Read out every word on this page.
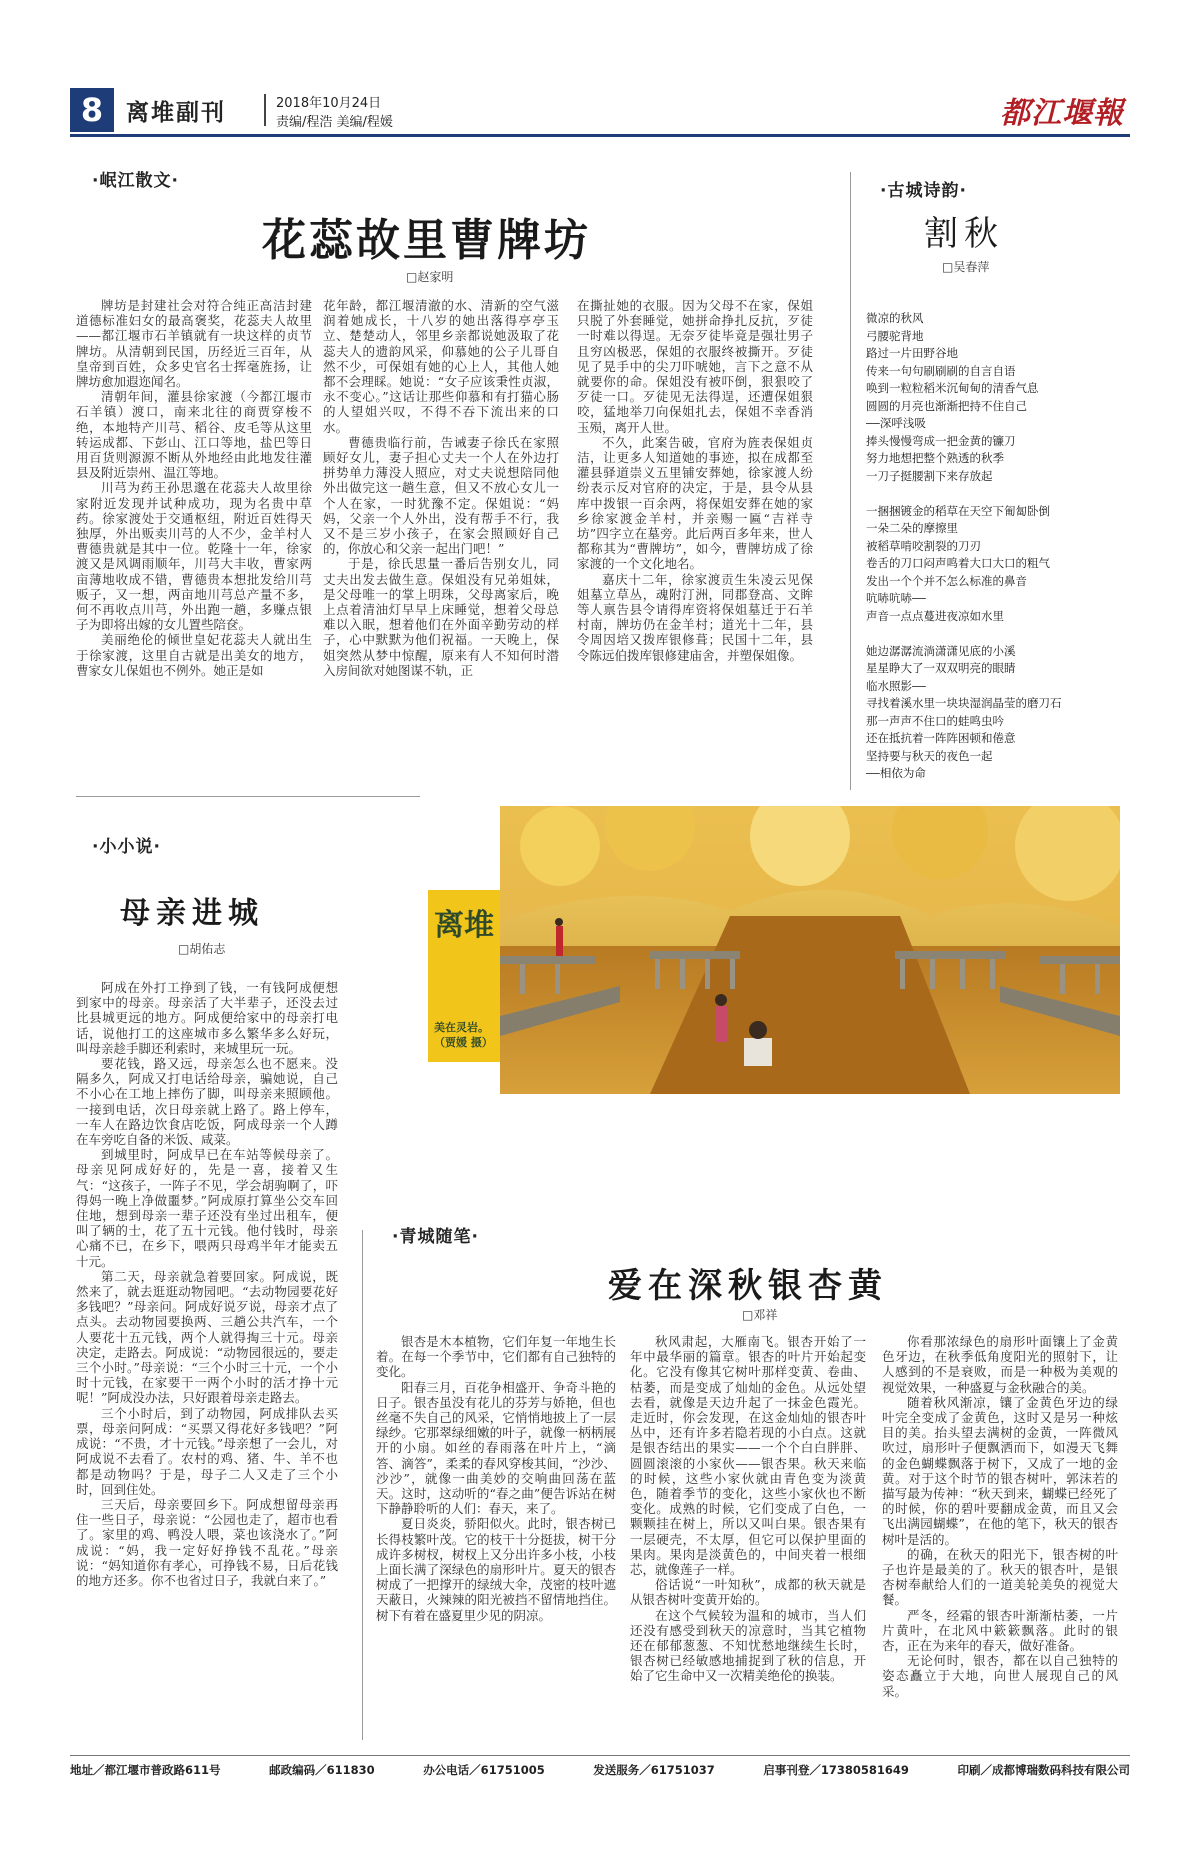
8 离堆副刊	2018年10月24日
责编/程浩 美编/程媛	都江堰報
·岷江散文·
花蕊故里曹牌坊
□赵家明

牌坊是封建社会对符合纯正高洁封建道德标准妇女的最高褒奖，花蕊夫人故里——都江堰市石羊镇就有一块这样的贞节牌坊。从清朝到民国，历经近三百年，从皇帝到百姓，众多史官名士挥毫旌扬，让牌坊愈加遐迩闻名。

清朝年间，灌县徐家渡（今都江堰市石羊镇）渡口，南来北往的商贾穿梭不绝，本地特产川芎、稻谷、皮毛等从这里转运成都、下彭山、江口等地，盐巴等日用百货则源源不断从外地经由此地发往灌县及附近崇州、温江等地。

川芎为药王孙思邈在花蕊夫人故里徐家附近发现并试种成功，现为名贵中草药。徐家渡处于交通枢纽，附近百姓得天独厚，外出贩卖川芎的人不少，金羊村人曹德贵就是其中一位。乾隆十一年，徐家渡又是风调雨顺年，川芎大丰收，曹家两亩薄地收成不错，曹德贵本想批发给川芎贩子，又一想，两亩地川芎总产量不多，何不再收点川芎，外出跑一趟，多赚点银子为即将出嫁的女儿置些陪奁。

美丽绝伦的倾世皇妃花蕊夫人就出生于徐家渡，这里自古就是出美女的地方，曹家女儿保姐也不例外。她正是如

花年龄，都江堰清澈的水、清新的空气滋润着她成长，十八岁的她出落得亭亭玉立、楚楚动人，邻里乡亲都说她汲取了花蕊夫人的遗韵风采，仰慕她的公子儿哥自然不少，可保姐有她的心上人，其他人她都不会理睬。她说：“女子应该秉性贞淑，永不变心。”这话让那些仰慕和有打猫心肠的人望姐兴叹，不得不吞下流出来的口水。

曹德贵临行前，告诫妻子徐氏在家照顾好女儿，妻子担心丈夫一个人在外边打拼势单力薄没人照应，对丈夫说想陪同他外出做完这一趟生意，但又不放心女儿一个人在家，一时犹豫不定。保姐说：“妈妈，父亲一个人外出，没有帮手不行，我又不是三岁小孩子，在家会照顾好自己的，你放心和父亲一起出门吧！”

于是，徐氏思量一番后告别女儿，同丈夫出发去做生意。保姐没有兄弟姐妹，是父母唯一的掌上明珠，父母离家后，晚上点着清油灯早早上床睡觉，想着父母总难以入眠，想着他们在外面辛勤劳动的样子，心中默默为他们祝福。一天晚上，保姐突然从梦中惊醒，原来有人不知何时潜入房间欲对她图谋不轨，正

在撕扯她的衣服。因为父母不在家，保姐只脱了外套睡觉，她拼命挣扎反抗，歹徒一时难以得逞。无奈歹徒毕竟是强壮男子且穷凶极恶，保姐的衣服终被撕开。歹徒见了晃手中的尖刀吓唬她，言下之意不从就要你的命。保姐没有被吓倒，狠狠咬了歹徒一口。歹徒见无法得逞，还遭保姐狠咬，猛地举刀向保姐扎去，保姐不幸香消玉殒，离开人世。

不久，此案告破，官府为旌表保姐贞洁，让更多人知道她的事迹，拟在成都至灌县驿道崇义五里铺安葬她，徐家渡人纷纷表示反对官府的决定，于是，县令从县库中拨银一百余两，将保姐安葬在她的家乡徐家渡金羊村，并亲赐一匾“吉祥寺坊”四字立在墓旁。此后两百多年来，世人都称其为“曹牌坊”，如今，曹牌坊成了徐家渡的一个文化地名。

嘉庆十二年，徐家渡贡生朱凌云见保姐墓立草丛，魂附汀洲，同郡登高、文眸等人禀告县令请得库资将保姐墓迁于石羊村南，牌坊仍在金羊村；道光十二年，县令周因培又拨库银修葺；民国十二年，县令陈远伯拨库银修建庙舍，并塑保姐像。

·古城诗韵·
割秋
□吴春萍
微凉的秋风
弓腰驼背地
路过一片田野谷地
传来一句句刷刷刷的自言自语
唤到一粒粒稻米沉甸甸的清香气息
圆圆的月亮也渐渐把持不住自己
——深呼浅吸
捧头慢慢弯成一把金黄的镰刀
努力地想把整个熟透的秋季
一刀子挺腰割下来存放起
一捆捆镀金的稻草在天空下匍匐卧倒
一朵二朵的摩擦里
被稻草啃咬割裂的刀刃
卷舌的刀口闷声鸣着大口大口的粗气
发出一个个并不怎么标准的鼻音
吭哧吭哧——
声音一点点蔓进夜凉如水里
她边潺潺流淌潇潇见底的小溪
星星睁大了一双双明亮的眼睛
临水照影——
寻找着溪水里一块块湿润晶莹的磨刀石
那一声声不住口的蛙鸣虫吟
还在抵抗着一阵阵困顿和倦意
坚持要与秋天的夜色一起
——相依为命
·小小说·
母亲进城
□胡佑志

阿成在外打工挣到了钱，一有钱阿成便想到家中的母亲。母亲活了大半辈子，还没去过比县城更远的地方。阿成便给家中的母亲打电话，说他打工的这座城市多么繁华多么好玩，叫母亲趁手脚还利索时，来城里玩一玩。

要花钱，路又远，母亲怎么也不愿来。没隔多久，阿成又打电话给母亲，骗她说，自己不小心在工地上摔伤了脚，叫母亲来照顾他。一接到电话，次日母亲就上路了。路上停车，一车人在路边饮食店吃饭，阿成母亲一个人蹲在车旁吃自备的米饭、咸菜。

到城里时，阿成早已在车站等候母亲了。母亲见阿成好好的，先是一喜，接着又生气：“这孩子，一阵子不见，学会胡驹啊了，吓得妈一晚上净做噩梦。”阿成原打算坐公交车回住地，想到母亲一辈子还没有坐过出租车，便叫了辆的士，花了五十元钱。他付钱时，母亲心痛不已，在乡下，喂两只母鸡半年才能卖五十元。

第二天，母亲就急着要回家。阿成说，既然来了，就去逛逛动物园吧。“去动物园要花好多钱吧？”母亲问。阿成好说歹说，母亲才点了点头。去动物园要换两、三趟公共汽车，一个人要花十五元钱，两个人就得掏三十元。母亲决定，走路去。阿成说：“动物园很远的，要走三个小时。”母亲说：“三个小时三十元，一个小时十元钱，在家要干一两个小时的活才挣十元呢！”阿成没办法，只好跟着母亲走路去。

三个小时后，到了动物园，阿成排队去买票，母亲问阿成：“买票又得花好多钱吧？”阿成说：“不贵，才十元钱。”母亲想了一会儿，对阿成说不去看了。农村的鸡、猪、牛、羊不也都是动物吗？于是，母子二人又走了三个小时，回到住处。

三天后，母亲要回乡下。阿成想留母亲再住一些日子，母亲说：“公园也走了，超市也看了。家里的鸡、鸭没人喂，菜也该浇水了。”阿成说：“妈，我一定好好挣钱不乱花。”母亲说：“妈知道你有孝心，可挣钱不易，日后花钱的地方还多。你不也省过日子，我就白来了。”

离堆
美在灵岩。（贾媛 摄）
·青城随笔·
爱在深秋银杏黄
□邓祥

银杏是木本植物，它们年复一年地生长着。在每一个季节中，它们都有自己独特的变化。

阳春三月，百花争相盛开、争奇斗艳的日子。银杏虽没有花儿的芬芳与娇艳，但也丝毫不失自己的风采，它悄悄地披上了一层绿纱。它那翠绿细嫩的叶子，就像一柄柄展开的小扇。如丝的春雨落在叶片上，“滴答、滴答”，柔柔的春风穿梭其间，“沙沙、沙沙”，就像一曲美妙的交响曲回荡在蓝天。这时，这动听的“春之曲”便告诉站在树下静静聆听的人们：春天，来了。

夏日炎炎，骄阳似火。此时，银杏树已长得枝繁叶茂。它的枝干十分挺拔，树干分成许多树杈，树杈上又分出许多小枝，小枝上面长满了深绿色的扇形叶片。夏天的银杏树成了一把撑开的绿绒大伞，茂密的枝叶遮天蔽日，火辣辣的阳光被挡不留情地挡住。树下有着在盛夏里少见的阴凉。

秋风肃起，大雁南飞。银杏开始了一年中最华丽的篇章。银杏的叶片开始起变化。它没有像其它树叶那样变黄、卷曲、枯萎，而是变成了灿灿的金色。从远处望去看，就像是天边升起了一抹金色霞光。走近时，你会发现，在这金灿灿的银杏叶丛中，还有许多若隐若现的小白点。这就是银杏结出的果实——一个个白白胖胖、圆圆滚滚的小家伙——银杏果。秋天来临的时候，这些小家伙就由青色变为淡黄色，随着季节的变化，这些小家伙也不断变化。成熟的时候，它们变成了白色，一颗颗挂在树上，所以又叫白果。银杏果有一层硬壳，不太厚，但它可以保护里面的果肉。果肉是淡黄色的，中间夹着一根细芯，就像莲子一样。

俗话说“一叶知秋”，成都的秋天就是从银杏树叶变黄开始的。

在这个气候较为温和的城市，当人们还没有感受到秋天的凉意时，当其它植物还在郁郁葱葱、不知忧愁地继续生长时，银杏树已经敏感地捕捉到了秋的信息，开始了它生命中又一次精美绝伦的换装。

你看那浓绿色的扇形叶面镶上了金黄色牙边，在秋季低角度阳光的照射下，让人感到的不是衰败，而是一种极为美观的视觉效果，一种盛夏与金秋融合的美。

随着秋风渐凉，镶了金黄色牙边的绿叶完全变成了金黄色，这时又是另一种炫目的美。抬头望去满树的金黄，一阵微风吹过，扇形叶子便飘洒而下，如漫天飞舞的金色蝴蝶飘落于树下，又成了一地的金黄。对于这个时节的银杏树叶，郭沫若的描写最为传神：“秋天到来，蝴蝶已经死了的时候，你的碧叶要翻成金黄，而且又会飞出满园蝴蝶”，在他的笔下，秋天的银杏树叶是活的。

的确，在秋天的阳光下，银杏树的叶子也许是最美的了。秋天的银杏叶，是银杏树奉献给人们的一道美轮美奂的视觉大餐。

严冬，经霜的银杏叶渐渐枯萎，一片片黄叶，在北风中簌簌飘落。此时的银杏，正在为来年的春天，做好准备。

无论何时，银杏，都在以自己独特的姿态矗立于大地，向世人展现自己的风采。

地址／都江堰市普政路611号	邮政编码／611830	办公电话／61751005	发送服务／61751037	启事刊登／17380581649	印刷／成都博瑞数码科技有限公司
